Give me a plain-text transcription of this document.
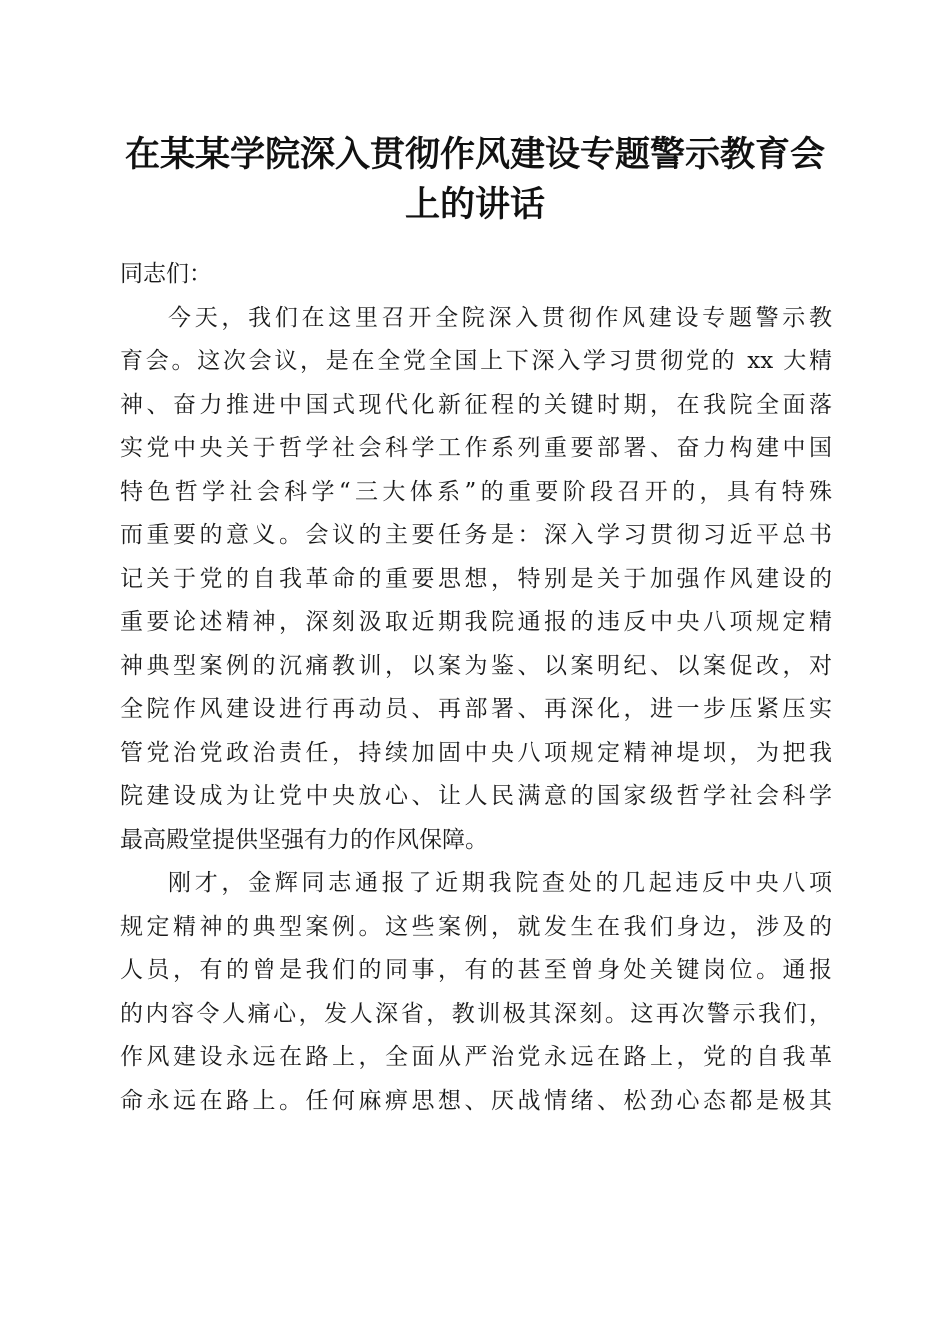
在某某学院深入贯彻作风建设专题警示教育会
上的讲话

同志们：

今天，我们在这里召开全院深入贯彻作风建设专题警示教
育会。这次会议，是在全党全国上下深入学习贯彻党的 xx 大精
神、奋力推进中国式现代化新征程的关键时期，在我院全面落
实党中央关于哲学社会科学工作系列重要部署、奋力构建中国
特色哲学社会科学“三大体系”的重要阶段召开的，具有特殊
而重要的意义。会议的主要任务是：深入学习贯彻习近平总书
记关于党的自我革命的重要思想，特别是关于加强作风建设的
重要论述精神，深刻汲取近期我院通报的违反中央八项规定精
神典型案例的沉痛教训，以案为鉴、以案明纪、以案促改，对
全院作风建设进行再动员、再部署、再深化，进一步压紧压实
管党治党政治责任，持续加固中央八项规定精神堤坝，为把我
院建设成为让党中央放心、让人民满意的国家级哲学社会科学
最高殿堂提供坚强有力的作风保障。

刚才，金辉同志通报了近期我院查处的几起违反中央八项
规定精神的典型案例。这些案例，就发生在我们身边，涉及的
人员，有的曾是我们的同事，有的甚至曾身处关键岗位。通报
的内容令人痛心，发人深省，教训极其深刻。这再次警示我们，
作风建设永远在路上，全面从严治党永远在路上，党的自我革
命永远在路上。任何麻痹思想、厌战情绪、松劲心态都是极其
